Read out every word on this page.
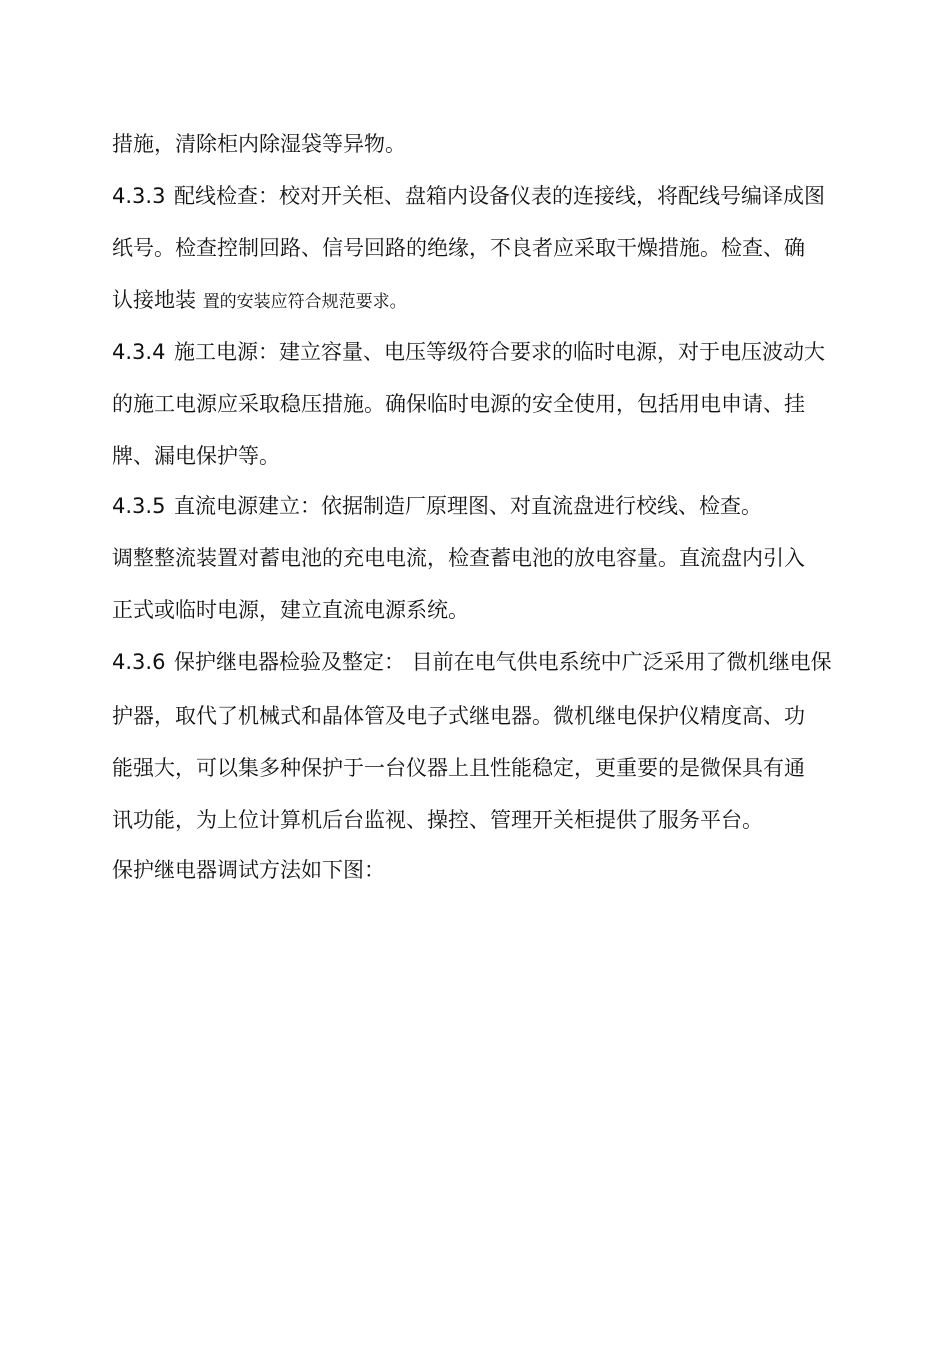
措施，清除柜内除湿袋等异物。
4.3.3 配线检查：校对开关柜、盘箱内设备仪表的连接线，将配线号编译成图
纸号。检查控制回路、信号回路的绝缘，不良者应采取干燥措施。检查、确
认接地装 置的安装应符合规范要求。
4.3.4 施工电源：建立容量、电压等级符合要求的临时电源，对于电压波动大
的施工电源应采取稳压措施。确保临时电源的安全使用，包括用电申请、挂
牌、漏电保护等。
4.3.5 直流电源建立：依据制造厂原理图、对直流盘进行校线、检查。
调整整流装置对蓄电池的充电电流，检查蓄电池的放电容量。直流盘内引入
正式或临时电源，建立直流电源系统。
4.3.6 保护继电器检验及整定： 目前在电气供电系统中广泛采用了微机继电保
护器，取代了机械式和晶体管及电子式继电器。微机继电保护仪精度高、功
能强大，可以集多种保护于一台仪器上且性能稳定，更重要的是微保具有通
讯功能，为上位计算机后台监视、操控、管理开关柜提供了服务平台。
保护继电器调试方法如下图：
